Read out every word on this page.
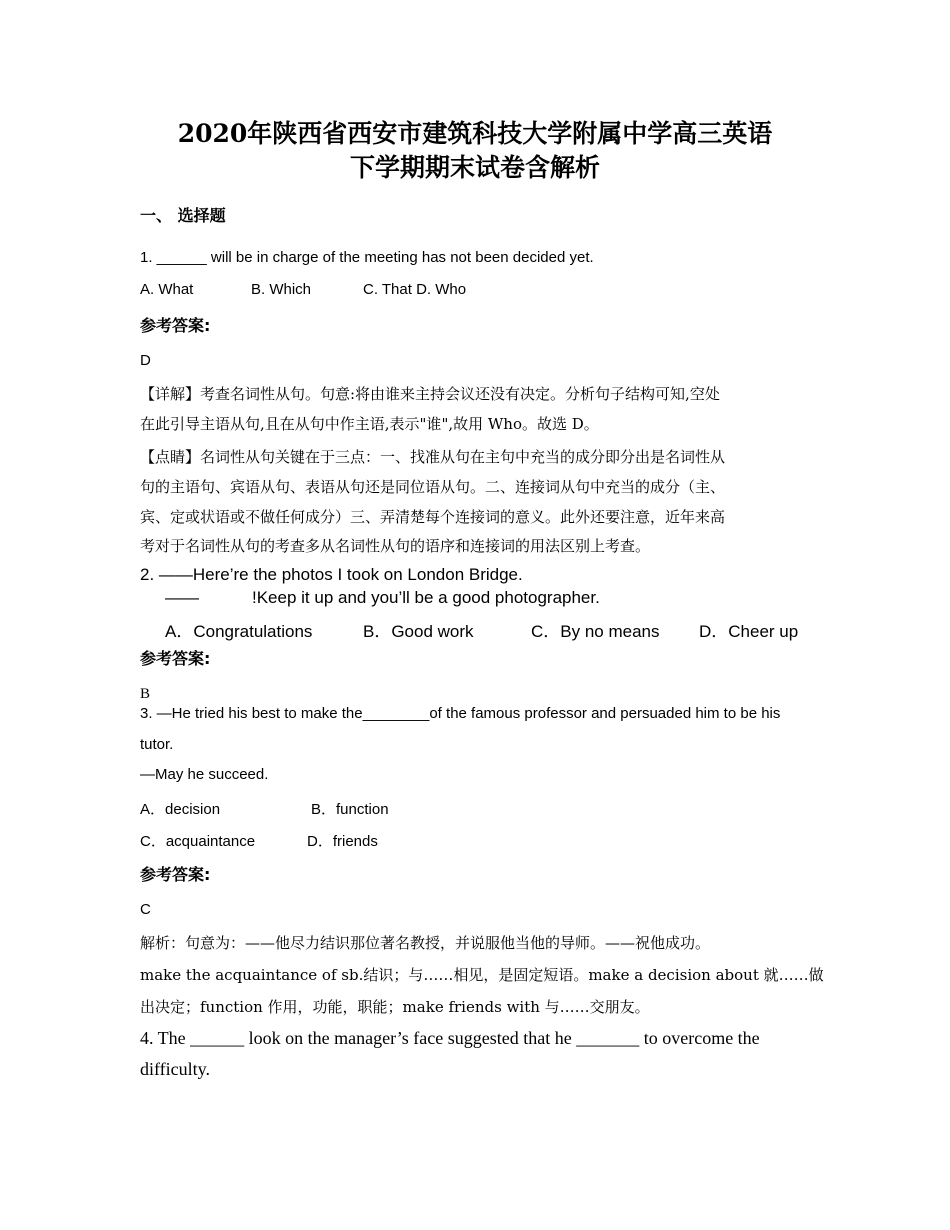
2020年陕西省西安市建筑科技大学附属中学高三英语
下学期期末试卷含解析
一、 选择题
1. ______ will be in charge of the meeting has not been decided yet.
A. What	B. Which	C. That D. Who
参考答案:
D
【详解】考查名词性从句。句意:将由谁来主持会议还没有决定。分析句子结构可知,空处
在此引导主语从句,且在从句中作主语,表示"谁",故用 Who。故选 D。
【点睛】名词性从句关键在于三点：一、找准从句在主句中充当的成分即分出是名词性从
句的主语句、宾语从句、表语从句还是同位语从句。二、连接词从句中充当的成分（主、
宾、定或状语或不做任何成分）三、弄清楚每个连接词的意义。此外还要注意，近年来高
考对于名词性从句的考查多从名词性从句的语序和连接词的用法区别上考查。
2. ——Here’re the photos I took on London Bridge.
——	!Keep it up and you’ll be a good photographer.
A．Congratulations	B．Good work	C．By no means D．Cheer up
参考答案:
B
3. —He tried his best to make the________of the famous professor and persuaded him to be his
tutor.
—May he succeed.
A．decision	B．function
C．acquaintance	D．friends
参考答案:
C
解析：句意为：——他尽力结识那位著名教授，并说服他当他的导师。——祝他成功。
make the acquaintance of sb.结识；与……相见，是固定短语。make a decision about 就……做
出决定；function 作用，功能，职能；make friends with 与……交朋友。
4. The ______ look on the manager’s face suggested that he _______ to overcome the
difficulty.
